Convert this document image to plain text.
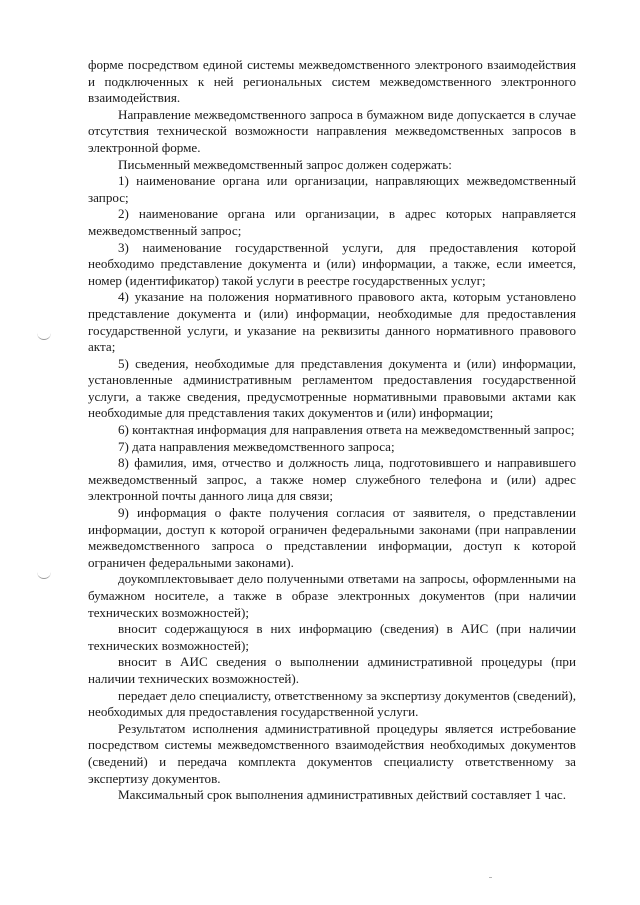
форме посредством единой системы межведомственного электроного взаимодействия и подключенных к ней региональных систем межведомственного электронного взаимодействия.

Направление межведомственного запроса в бумажном виде допускается в случае отсутствия технической возможности направления межведомственных запросов в электронной форме.

Письменный межведомственный запрос должен содержать:

1) наименование органа или организации, направляющих межведомственный запрос;

2) наименование органа или организации, в адрес которых направляется межведомственный запрос;

3) наименование государственной услуги, для предоставления которой необходимо представление документа и (или) информации, а также, если имеется, номер (идентификатор) такой услуги в реестре государственных услуг;

4) указание на положения нормативного правового акта, которым установлено представление документа и (или) информации, необходимые для предоставления государственной услуги, и указание на реквизиты данного нормативного правового акта;

5) сведения, необходимые для представления документа и (или) информации, установленные административным регламентом предоставления государственной услуги, а также сведения, предусмотренные нормативными правовыми актами как необходимые для представления таких документов и (или) информации;

6) контактная информация для направления ответа на межведомственный запрос;

7) дата направления межведомственного запроса;

8) фамилия, имя, отчество и должность лица, подготовившего и направившего межведомственный запрос, а также номер служебного телефона и (или) адрес электронной почты данного лица для связи;

9) информация о факте получения согласия от заявителя, о представлении информации, доступ к которой ограничен федеральными законами (при направлении межведомственного запроса о представлении информации, доступ к которой ограничен федеральными законами).

доукомплектовывает дело полученными ответами на запросы, оформленными на бумажном носителе, а также в образе электронных документов (при наличии технических возможностей);

вносит содержащуюся в них информацию (сведения) в АИС (при наличии технических возможностей);

вносит в АИС сведения о выполнении административной процедуры (при наличии технических возможностей).

передает дело специалисту, ответственному за экспертизу документов (сведений), необходимых для предоставления государственной услуги.

Результатом исполнения административной процедуры является истребование посредством системы межведомственного взаимодействия необходимых документов (сведений) и передача комплекта документов специалисту ответственному за экспертизу документов.

Максимальный срок выполнения административных действий составляет 1 час.
